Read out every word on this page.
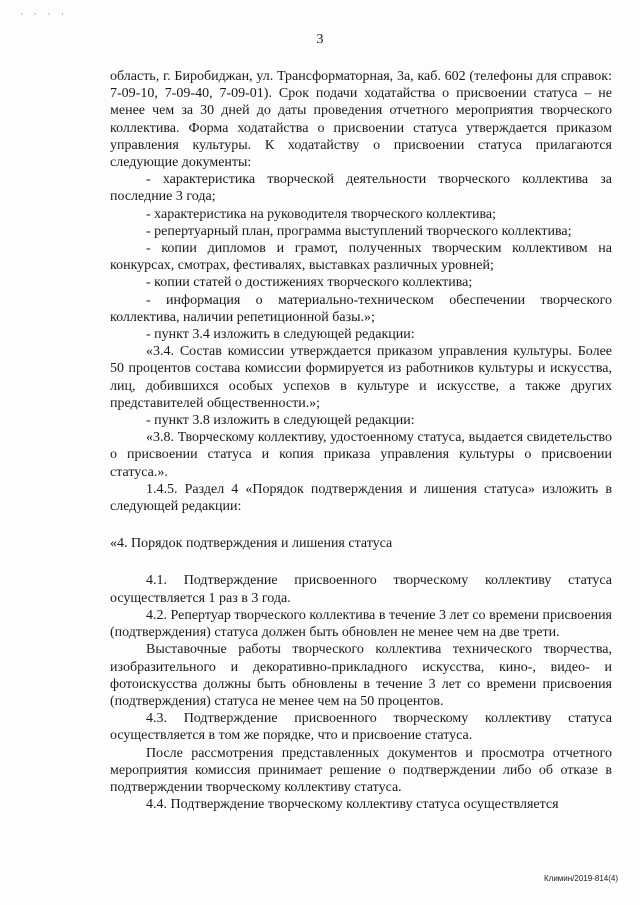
· · · ·
3

область, г. Биробиджан, ул. Трансформаторная, 3а, каб. 602 (телефоны для справок: 7-09-10, 7-09-40, 7-09-01). Срок подачи ходатайства о присвоении статуса – не менее чем за 30 дней до даты проведения отчетного мероприятия творческого коллектива. Форма ходатайства о присвоении статуса утверждается приказом управления культуры. К ходатайству о присвоении статуса прилагаются следующие документы:

- характеристика творческой деятельности творческого коллектива за последние 3 года;

- характеристика на руководителя творческого коллектива;

- репертуарный план, программа выступлений творческого коллектива;

- копии дипломов и грамот, полученных творческим коллективом на конкурсах, смотрах, фестивалях, выставках различных уровней;

- копии статей о достижениях творческого коллектива;

- информация о материально-техническом обеспечении творческого коллектива, наличии репетиционной базы.»;

- пункт 3.4 изложить в следующей редакции:

«3.4. Состав комиссии утверждается приказом управления культуры. Более 50 процентов состава комиссии формируется из работников культуры и искусства, лиц, добившихся особых успехов в культуре и искусстве, а также других представителей общественности.»;

- пункт 3.8 изложить в следующей редакции:

«3.8. Творческому коллективу, удостоенному статуса, выдается свидетельство о присвоении статуса и копия приказа управления культуры о присвоении статуса.».

1.4.5. Раздел 4 «Порядок подтверждения и лишения статуса» изложить в следующей редакции:

«4. Порядок подтверждения и лишения статуса

4.1. Подтверждение присвоенного творческому коллективу статуса осуществляется 1 раз в 3 года.

4.2. Репертуар творческого коллектива в течение 3 лет со времени присвоения (подтверждения) статуса должен быть обновлен не менее чем на две трети.

Выставочные работы творческого коллектива технического творчества, изобразительного и декоративно-прикладного искусства, кино-, видео- и фотоискусства должны быть обновлены в течение 3 лет со времени присвоения (подтверждения) статуса не менее чем на 50 процентов.

4.3. Подтверждение присвоенного творческому коллективу статуса осуществляется в том же порядке, что и присвоение статуса.

После рассмотрения представленных документов и просмотра отчетного мероприятия комиссия принимает решение о подтверждении либо об отказе в подтверждении творческому коллективу статуса.

4.4. Подтверждение творческому коллективу статуса осуществляется

Климин/2019-814(4)
